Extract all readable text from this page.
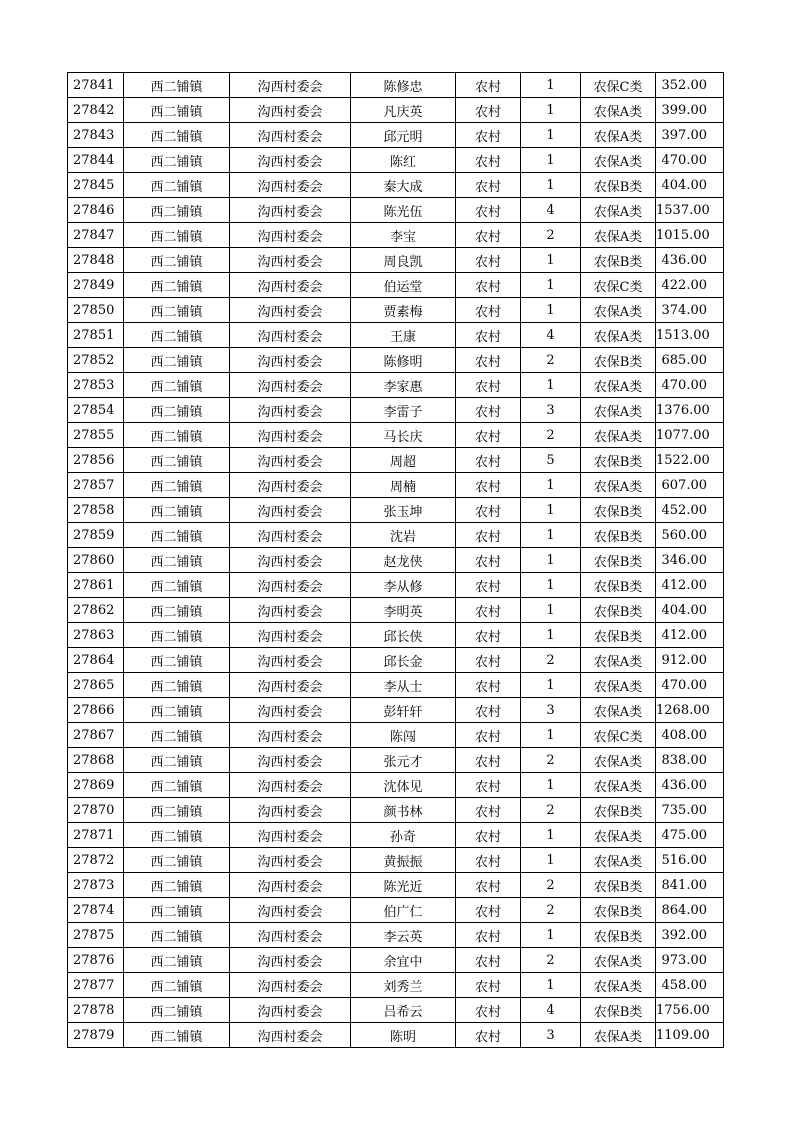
27841	西二铺镇	沟西村委会	陈修忠	农村	1	农保C类	352.00
27842	西二铺镇	沟西村委会	凡庆英	农村	1	农保A类	399.00
27843	西二铺镇	沟西村委会	邱元明	农村	1	农保A类	397.00
27844	西二铺镇	沟西村委会	陈红	农村	1	农保A类	470.00
27845	西二铺镇	沟西村委会	秦大成	农村	1	农保B类	404.00
27846	西二铺镇	沟西村委会	陈光伍	农村	4	农保A类	1537.00
27847	西二铺镇	沟西村委会	李宝	农村	2	农保A类	1015.00
27848	西二铺镇	沟西村委会	周良凯	农村	1	农保B类	436.00
27849	西二铺镇	沟西村委会	伯运堂	农村	1	农保C类	422.00
27850	西二铺镇	沟西村委会	贾素梅	农村	1	农保A类	374.00
27851	西二铺镇	沟西村委会	王康	农村	4	农保A类	1513.00
27852	西二铺镇	沟西村委会	陈修明	农村	2	农保B类	685.00
27853	西二铺镇	沟西村委会	李家惠	农村	1	农保A类	470.00
27854	西二铺镇	沟西村委会	李雷子	农村	3	农保A类	1376.00
27855	西二铺镇	沟西村委会	马长庆	农村	2	农保A类	1077.00
27856	西二铺镇	沟西村委会	周超	农村	5	农保B类	1522.00
27857	西二铺镇	沟西村委会	周楠	农村	1	农保A类	607.00
27858	西二铺镇	沟西村委会	张玉坤	农村	1	农保B类	452.00
27859	西二铺镇	沟西村委会	沈岩	农村	1	农保B类	560.00
27860	西二铺镇	沟西村委会	赵龙侠	农村	1	农保B类	346.00
27861	西二铺镇	沟西村委会	李从修	农村	1	农保B类	412.00
27862	西二铺镇	沟西村委会	李明英	农村	1	农保B类	404.00
27863	西二铺镇	沟西村委会	邱长侠	农村	1	农保B类	412.00
27864	西二铺镇	沟西村委会	邱长金	农村	2	农保A类	912.00
27865	西二铺镇	沟西村委会	李从士	农村	1	农保A类	470.00
27866	西二铺镇	沟西村委会	彭轩轩	农村	3	农保A类	1268.00
27867	西二铺镇	沟西村委会	陈闯	农村	1	农保C类	408.00
27868	西二铺镇	沟西村委会	张元才	农村	2	农保A类	838.00
27869	西二铺镇	沟西村委会	沈体见	农村	1	农保A类	436.00
27870	西二铺镇	沟西村委会	颜书林	农村	2	农保B类	735.00
27871	西二铺镇	沟西村委会	孙奇	农村	1	农保A类	475.00
27872	西二铺镇	沟西村委会	黄振振	农村	1	农保A类	516.00
27873	西二铺镇	沟西村委会	陈光近	农村	2	农保B类	841.00
27874	西二铺镇	沟西村委会	伯广仁	农村	2	农保B类	864.00
27875	西二铺镇	沟西村委会	李云英	农村	1	农保B类	392.00
27876	西二铺镇	沟西村委会	余宜中	农村	2	农保A类	973.00
27877	西二铺镇	沟西村委会	刘秀兰	农村	1	农保A类	458.00
27878	西二铺镇	沟西村委会	吕希云	农村	4	农保B类	1756.00
27879	西二铺镇	沟西村委会	陈明	农村	3	农保A类	1109.00
